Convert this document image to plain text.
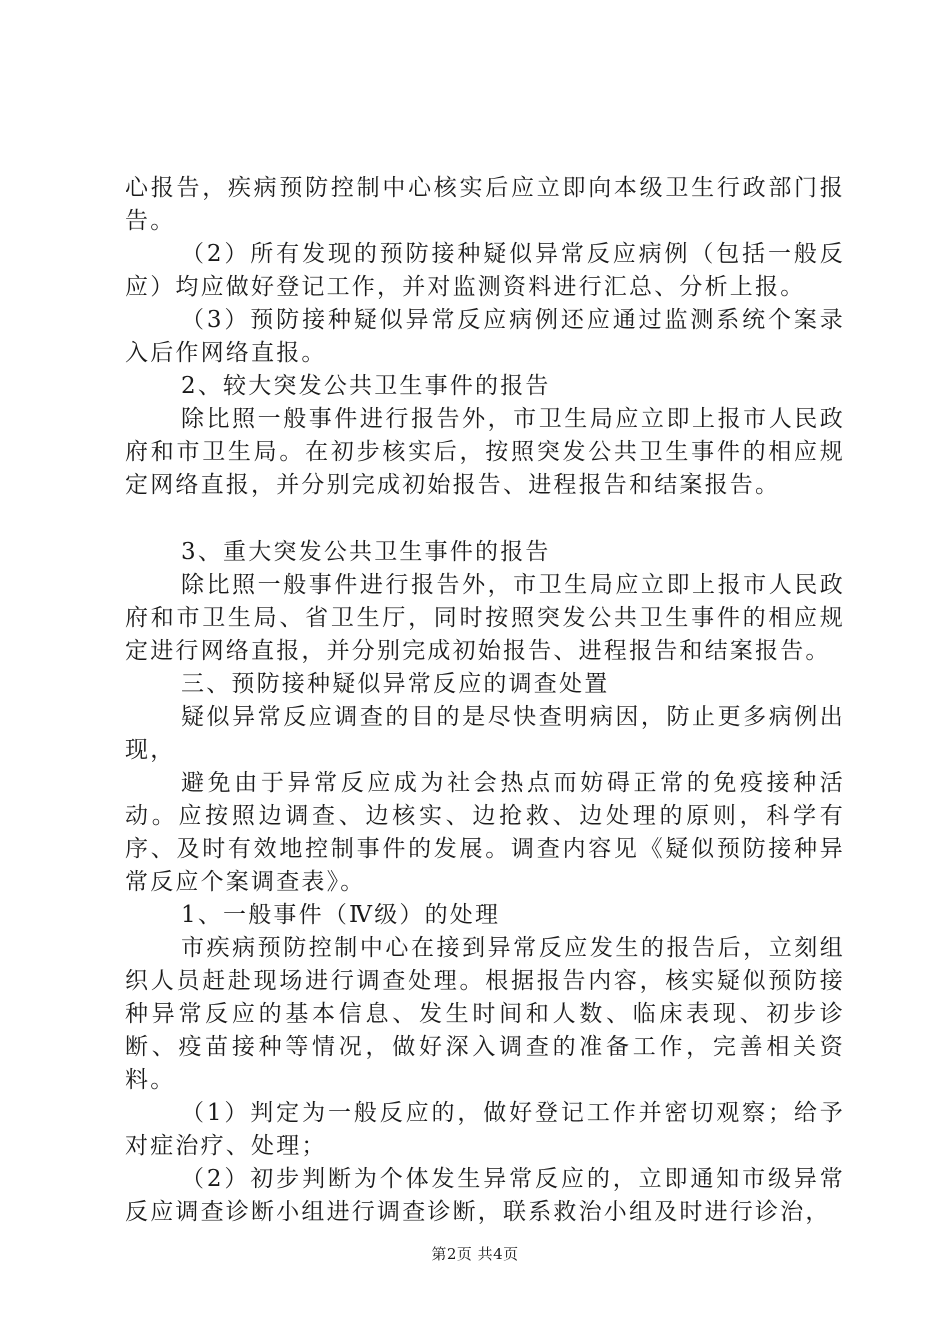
心报告，疾病预防控制中心核实后应立即向本级卫生行政部门报告。

（2）所有发现的预防接种疑似异常反应病例（包括一般反应）均应做好登记工作，并对监测资料进行汇总、分析上报。

（3）预防接种疑似异常反应病例还应通过监测系统个案录入后作网络直报。

2、较大突发公共卫生事件的报告

除比照一般事件进行报告外，市卫生局应立即上报市人民政府和市卫生局。在初步核实后，按照突发公共卫生事件的相应规定网络直报，并分别完成初始报告、进程报告和结案报告。

3、重大突发公共卫生事件的报告

除比照一般事件进行报告外，市卫生局应立即上报市人民政府和市卫生局、省卫生厅，同时按照突发公共卫生事件的相应规定进行网络直报，并分别完成初始报告、进程报告和结案报告。

三、预防接种疑似异常反应的调查处置

疑似异常反应调查的目的是尽快查明病因，防止更多病例出现，

避免由于异常反应成为社会热点而妨碍正常的免疫接种活动。应按照边调查、边核实、边抢救、边处理的原则，科学有序、及时有效地控制事件的发展。调查内容见《疑似预防接种异常反应个案调查表》。

1、一般事件（Ⅳ级）的处理

市疾病预防控制中心在接到异常反应发生的报告后，立刻组织人员赶赴现场进行调查处理。根据报告内容，核实疑似预防接种异常反应的基本信息、发生时间和人数、临床表现、初步诊断、疫苗接种等情况，做好深入调查的准备工作，完善相关资料。

（1）判定为一般反应的，做好登记工作并密切观察；给予对症治疗、处理；

（2）初步判断为个体发生异常反应的，立即通知市级异常反应调查诊断小组进行调查诊断，联系救治小组及时进行诊治，

第2页 共4页
